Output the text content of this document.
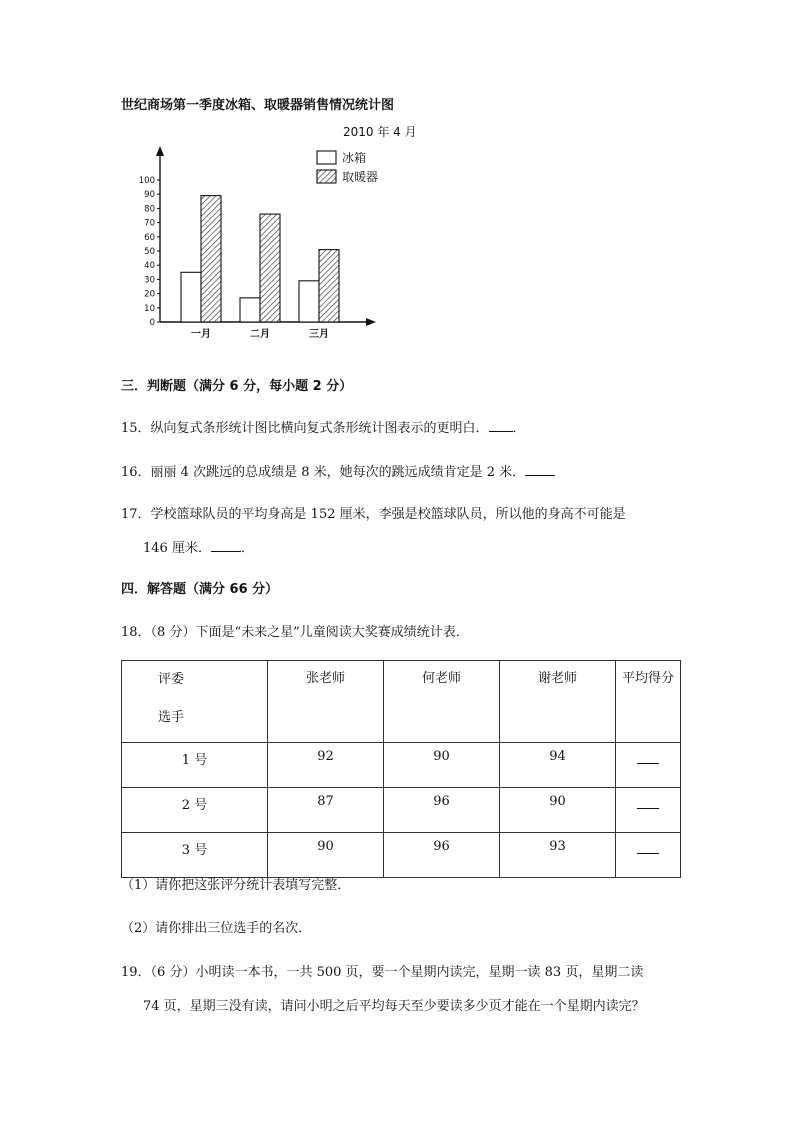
世纪商场第一季度冰箱、取暖器销售情况统计图
2010 年 4 月
0
10
20
30
40
50
60
70
80
90
100
一月	二月	三月
冰箱
取暖器
三．判断题（满分 6 分，每小题 2 分）
15．纵向复式条形统计图比横向复式条形统计图表示的更明白． ．
16．丽丽 4 次跳远的总成绩是 8 米，她每次的跳远成绩肯定是 2 米．
17．学校篮球队员的平均身高是 152 厘米，李强是校篮球队员，所以他的身高不可能是
146 厘米． ．
四．解答题（满分 66 分）
18．（8 分）下面是“未来之星”儿童阅读大奖赛成绩统计表．
评委
选手	张老师	何老师	谢老师	平均得分
1 号	92	90	94	
2 号	87	96	90	
3 号	90	96	93	
（1）请你把这张评分统计表填写完整．
（2）请你排出三位选手的名次．
19．（6 分）小明读一本书，一共 500 页，要一个星期内读完，星期一读 83 页，星期二读
74 页，星期三没有读，请问小明之后平均每天至少要读多少页才能在一个星期内读完？
